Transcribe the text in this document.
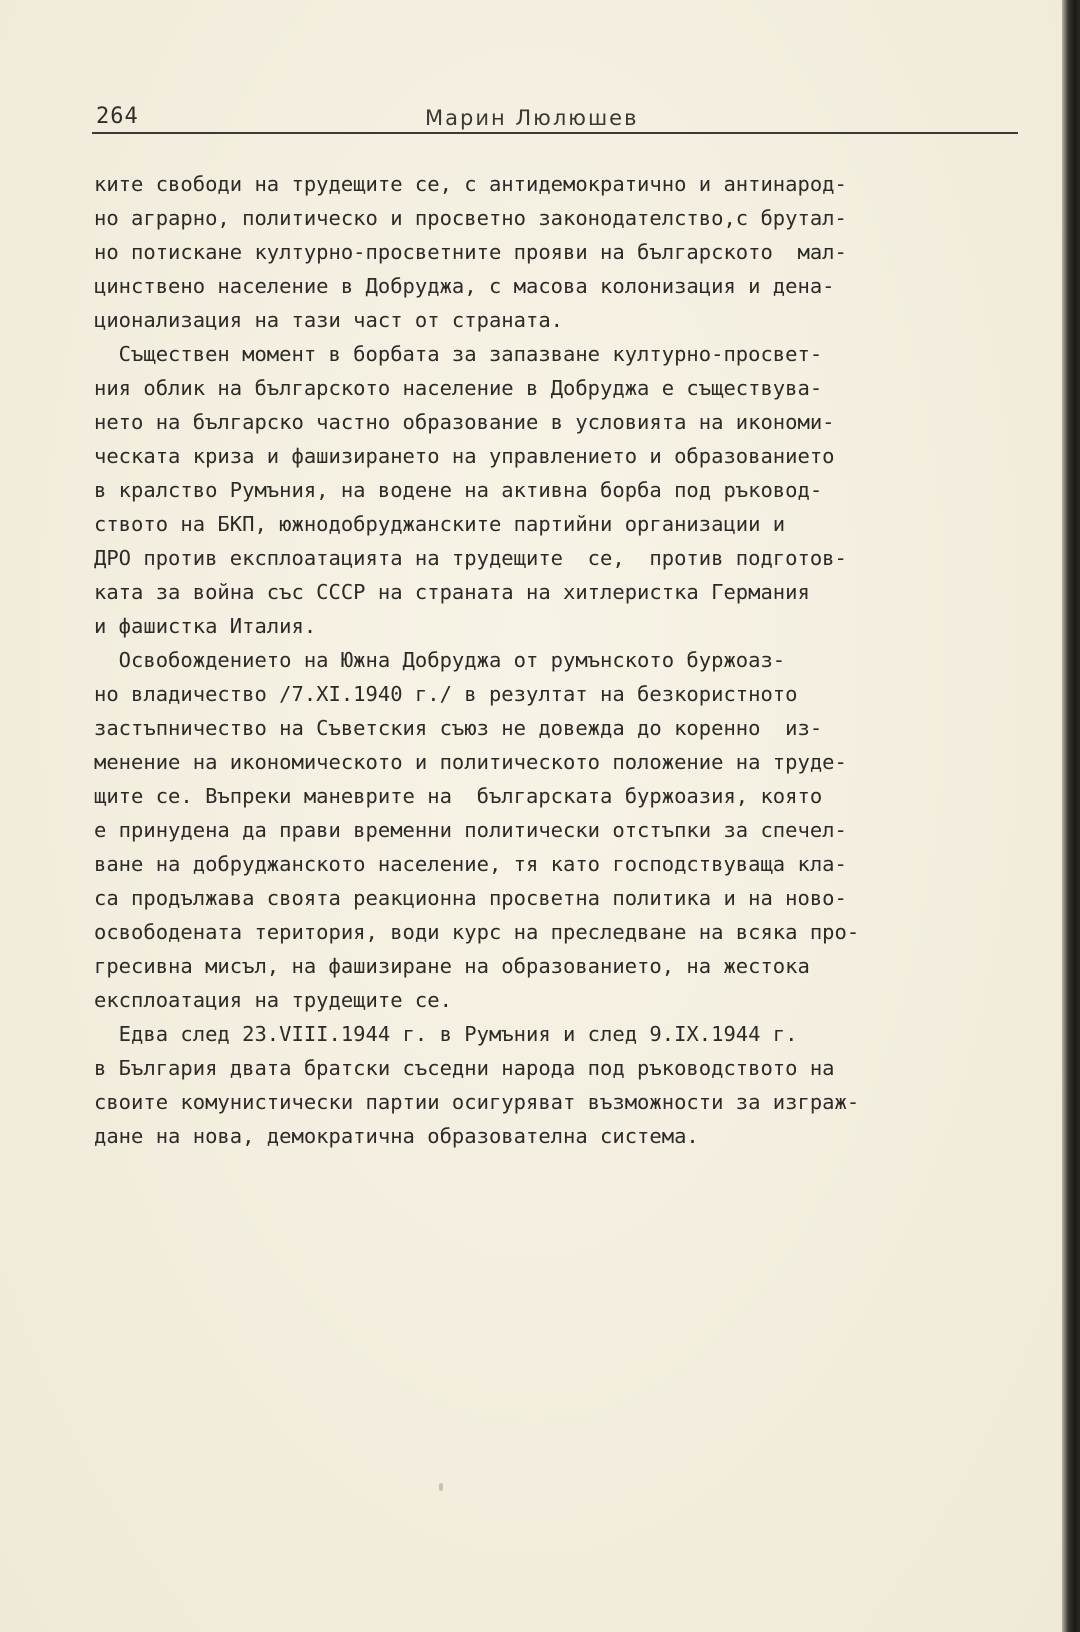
264	Марин Люлюшев
ките свободи на трудещите се, с антидемократично и антинарод-
но аграрно, политическо и просветно законодателство,с брутал-
но потискане културно-просветните прояви на българското  мал-
цинствено население в Добруджа, с масова колонизация и дена-
ционализация на тази част от страната.
Съществен момент в борбата за запазване културно-просвет-
ния облик на българското население в Добруджа е съществува-
нето на българско частно образование в условията на икономи-
ческата криза и фашизирането на управлението и образованието
в кралство Румъния, на водене на активна борба под ръковод-
ството на БКП, южнодобруджанските партийни организации и
ДРО против експлоатацията на трудещите  се,  против подготов-
ката за война със СССР на страната на хитлеристка Германия
и фашистка Италия.
Освобождението на Южна Добруджа от румънското буржоаз-
но владичество /7.XI.1940 г./ в резултат на безкористното
застъпничество на Съветския съюз не довежда до коренно  из-
менение на икономическото и политическото положение на труде-
щите се. Въпреки маневрите на  българската буржоазия, която
е принудена да прави временни политически отстъпки за спечел-
ване на добруджанското население, тя като господствуваща кла-
са продължава своята реакционна просветна политика и на ново-
освободената територия, води курс на преследване на всяка про-
гресивна мисъл, на фашизиране на образованието, на жестока
експлоатация на трудещите се.
Едва след 23.VIII.1944 г. в Румъния и след 9.IX.1944 г.
в България двата братски съседни народа под ръководството на
своите комунистически партии осигуряват възможности за изграж-
дане на нова, демократична образователна система.
